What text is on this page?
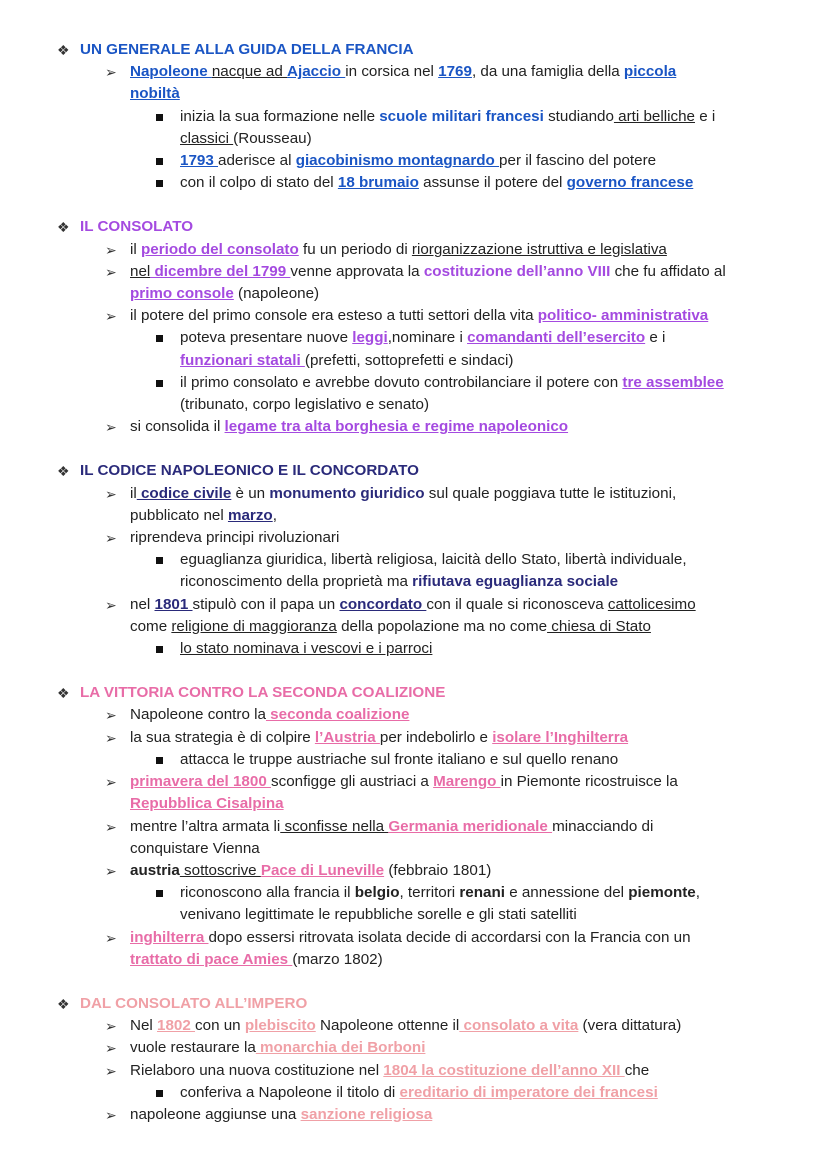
❖ UN GENERALE ALLA GUIDA DELLA FRANCIA
➢ Napoleone nacque ad Ajaccio in corsica nel 1769, da una famiglia della piccola
nobiltà
inizia la sua formazione nelle scuole militari francesi studiando arti belliche e i
classici (Rousseau)
1793 aderisce al giacobinismo montagnardo per il fascino del potere
con il colpo di stato del 18 brumaio assunse il potere del governo francese
❖ IL CONSOLATO
➢ il periodo del consolato fu un periodo di riorganizzazione istruttiva e legislativa
➢ nel dicembre del 1799 venne approvata la costituzione dell’anno VIII che fu affidato al
primo console (napoleone)
➢ il potere del primo console era esteso a tutti settori della vita politico- amministrativa
poteva presentare nuove leggi,nominare i comandanti dell’esercito e i
funzionari statali (prefetti, sottoprefetti e sindaci)
il primo consolato e avrebbe dovuto controbilanciare il potere con tre assemblee
(tribunato, corpo legislativo e senato)
➢ si consolida il legame tra alta borghesia e regime napoleonico
❖ IL CODICE NAPOLEONICO E IL CONCORDATO
➢ il codice civile è un monumento giuridico sul quale poggiava tutte le istituzioni,
pubblicato nel marzo,
➢ riprendeva principi rivoluzionari
eguaglianza giuridica, libertà religiosa, laicità dello Stato, libertà individuale,
riconoscimento della proprietà ma rifiutava eguaglianza sociale
➢ nel 1801 stipulò con il papa un concordato con il quale si riconosceva cattolicesimo
come religione di maggioranza della popolazione ma no come chiesa di Stato
lo stato nominava i vescovi e i parroci
❖ LA VITTORIA CONTRO LA SECONDA COALIZIONE
➢ Napoleone contro la seconda coalizione
➢ la sua strategia è di colpire l’Austria per indebolirlo e isolare l’Inghilterra
attacca le truppe austriache sul fronte italiano e sul quello renano
➢ primavera del 1800 sconfigge gli austriaci a Marengo in Piemonte ricostruisce la
Repubblica Cisalpina
➢ mentre l’altra armata li sconfisse nella Germania meridionale minacciando di
conquistare Vienna
➢ austria sottoscrive Pace di Luneville (febbraio 1801)
riconoscono alla francia il belgio, territori renani e annessione del piemonte,
venivano legittimate le repubbliche sorelle e gli stati satelliti
➢ inghilterra dopo essersi ritrovata isolata decide di accordarsi con la Francia con un
trattato di pace Amies (marzo 1802)
❖ DAL CONSOLATO ALL’IMPERO
➢ Nel 1802 con un plebiscito Napoleone ottenne il consolato a vita (vera dittatura)
➢ vuole restaurare la monarchia dei Borboni
➢ Rielaboro una nuova costituzione nel 1804 la costituzione dell’anno XII che
conferiva a Napoleone il titolo di ereditario di imperatore dei francesi
➢ napoleone aggiunse una sanzione religiosa
